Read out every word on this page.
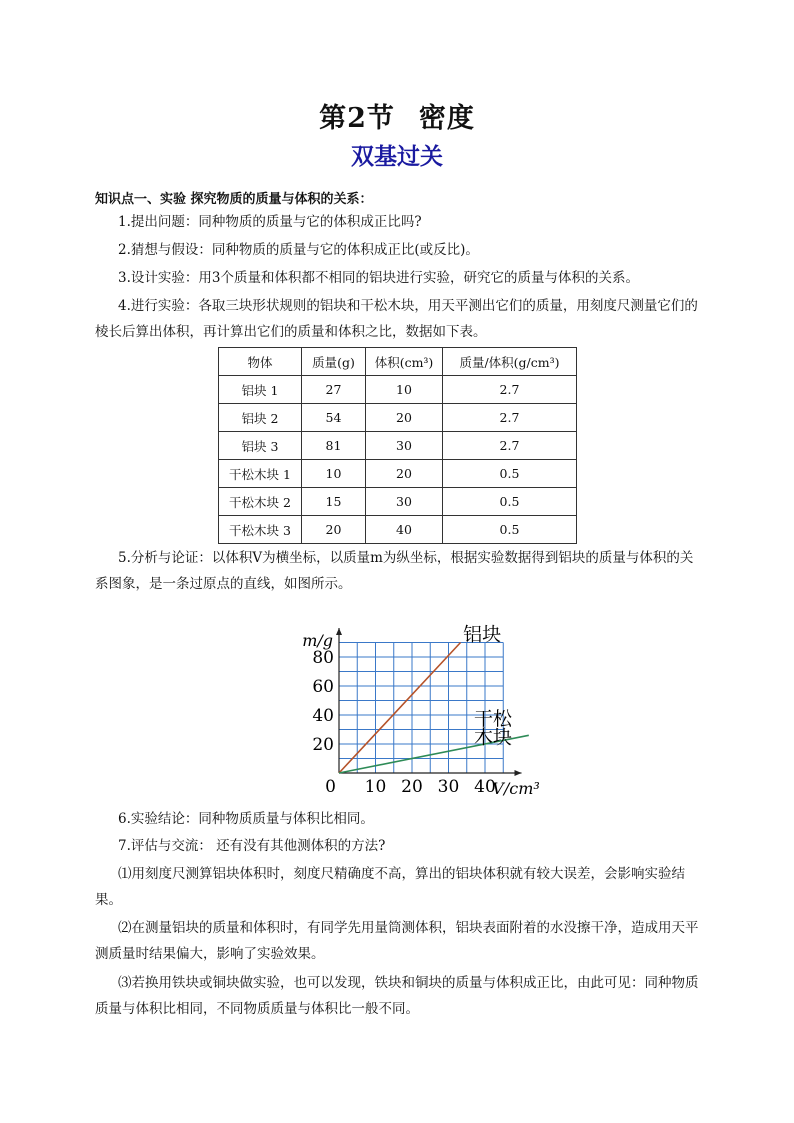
第2节 密度
双基过关
知识点一、实验 探究物质的质量与体积的关系：
1.提出问题：同种物质的质量与它的体积成正比吗?
2.猜想与假设：同种物质的质量与它的体积成正比(或反比)。
3.设计实验：用3个质量和体积都不相同的铝块进行实验，研究它的质量与体积的关系。
4.进行实验：各取三块形状规则的铝块和干松木块，用天平测出它们的质量，用刻度尺测量它们的棱长后算出体积，再计算出它们的质量和体积之比，数据如下表。
物体	质量(g)	体积(cm³)	质量/体积(g/cm³)
铝块 1	27	10	2.7
铝块 2	54	20	2.7
铝块 3	81	30	2.7
干松木块 1	10	20	0.5
干松木块 2	15	30	0.5
干松木块 3	20	40	0.5
5.分析与论证：以体积V为横坐标，以质量m为纵坐标，根据实验数据得到铝块的质量与体积的关系图象，是一条过原点的直线，如图所示。
10 20 30 40
20
40
60
80
0
m/g
V/cm³
铝块
干松
木块
6.实验结论：同种物质质量与体积比相同。
7.评估与交流： 还有没有其他测体积的方法?
⑴用刻度尺测算铝块体积时，刻度尺精确度不高，算出的铝块体积就有较大误差，会影响实验结果。
⑵在测量铝块的质量和体积时，有同学先用量筒测体积，铝块表面附着的水没擦干净，造成用天平测质量时结果偏大，影响了实验效果。
⑶若换用铁块或铜块做实验，也可以发现，铁块和铜块的质量与体积成正比，由此可见：同种物质质量与体积比相同，不同物质质量与体积比一般不同。
